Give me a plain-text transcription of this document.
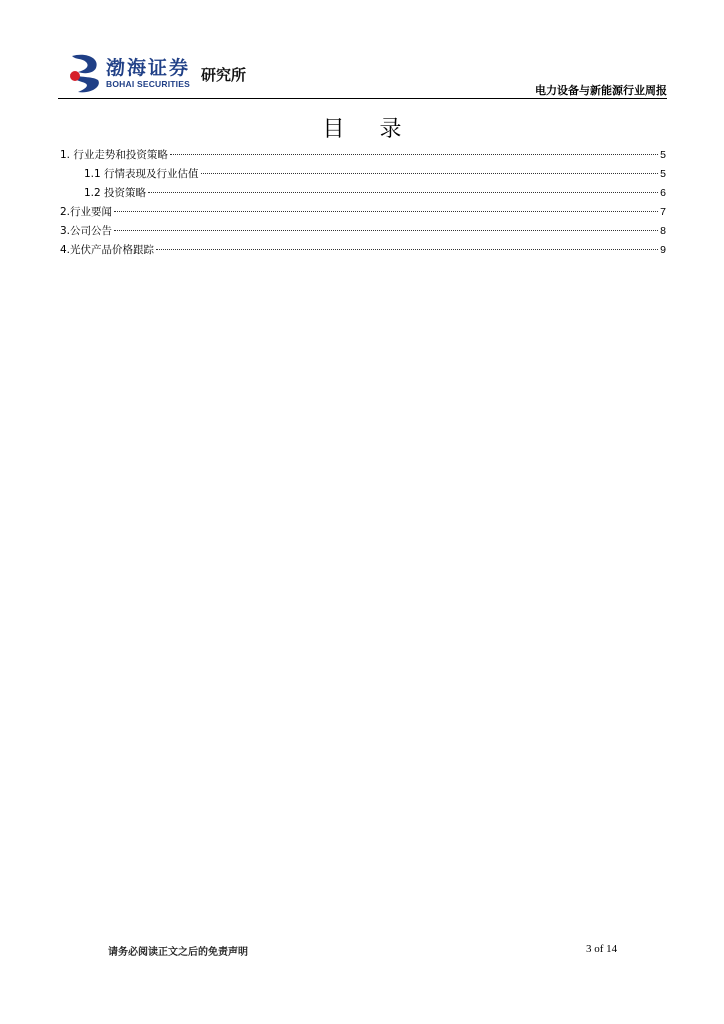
渤海证券
BOHAI SECURITIES 研究所
电力设备与新能源行业周报
目 录
1. 行业走势和投资策略	5
1.1 行情表现及行业估值	5
1.2 投资策略	6
2.行业要闻	7
3.公司公告	8
4.光伏产品价格跟踪	9
请务必阅读正文之后的免责声明	3 of 14
